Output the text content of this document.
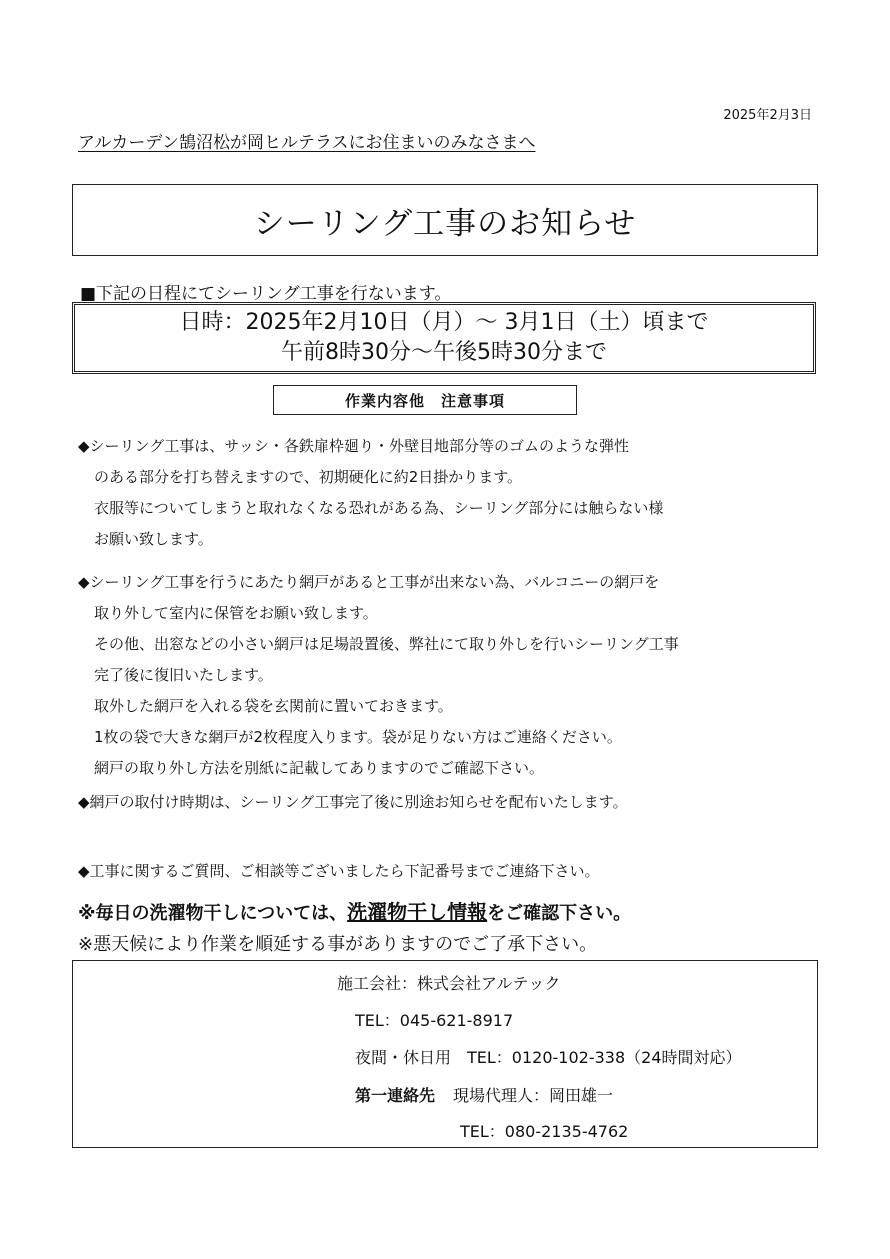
2025年2月3日
アルカーデン鵠沼松が岡ヒルテラスにお住まいのみなさまへ
シーリング工事のお知らせ
■下記の日程にてシーリング工事を行ないます。
日時：2025年2月10日（月）～ 3月1日（土）頃まで
午前8時30分～午後5時30分まで
作業内容他　注意事項
◆シーリング工事は、サッシ・各鉄扉枠廻り・外壁目地部分等のゴムのような弾性
のある部分を打ち替えますので、初期硬化に約2日掛かります。
衣服等についてしまうと取れなくなる恐れがある為、シーリング部分には触らない様
お願い致します。
◆シーリング工事を行うにあたり網戸があると工事が出来ない為、バルコニーの網戸を
取り外して室内に保管をお願い致します。
その他、出窓などの小さい網戸は足場設置後、弊社にて取り外しを行いシーリング工事
完了後に復旧いたします。
取外した網戸を入れる袋を玄関前に置いておきます。
1枚の袋で大きな網戸が2枚程度入ります。袋が足りない方はご連絡ください。
網戸の取り外し方法を別紙に記載してありますのでご確認下さい。
◆網戸の取付け時期は、シーリング工事完了後に別途お知らせを配布いたします。
◆工事に関するご質問、ご相談等ございましたら下記番号までご連絡下さい。
※毎日の洗濯物干しについては、洗濯物干し情報をご確認下さい。
※悪天候により作業を順延する事がありますのでご了承下さい。
施工会社：株式会社アルテック
TEL：045-621-8917
夜間・休日用　TEL：0120-102-338（24時間対応）
第一連絡先 現場代理人：岡田雄一
TEL：080-2135-4762
